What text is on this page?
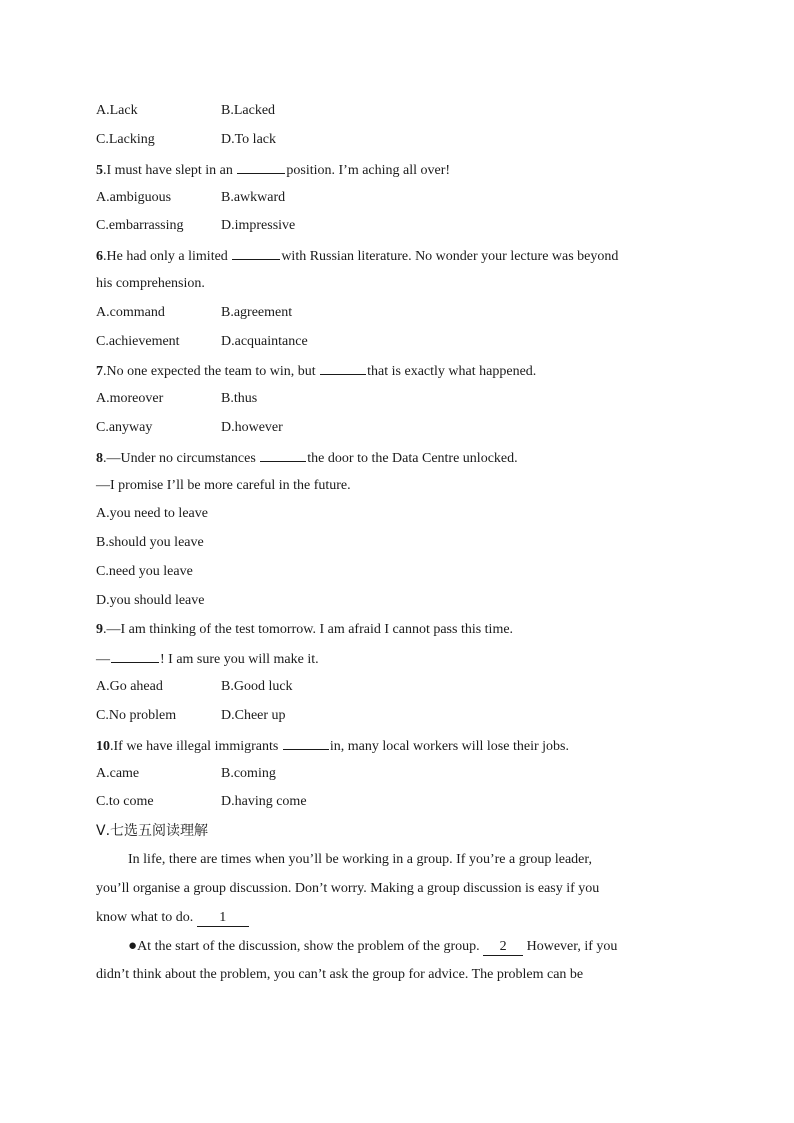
A.Lack	B.Lacked
C.Lacking	D.To lack
5.I must have slept in an	position. I’m aching all over!
A.ambiguous	B.awkward
C.embarrassing	D.impressive
6.He had only a limited	with Russian literature. No wonder your lecture was beyond
his comprehension.
A.command	B.agreement
C.achievement	D.acquaintance
7.No one expected the team to win, but	that is exactly what happened.
A.moreover	B.thus
C.anyway	D.however
8.—Under no circumstances	the door to the Data Centre unlocked.
—I promise I’ll be more careful in the future.
A.you need to leave
B.should you leave
C.need you leave
D.you should leave
9.—I am thinking of the test tomorrow. I am afraid I cannot pass this time.
—	! I am sure you will make it.
A.Go ahead	B.Good luck
C.No problem	D.Cheer up
10.If we have illegal immigrants	in, many local workers will lose their jobs.
A.came	B.coming
C.to come	D.having come
Ⅴ.七选五阅读理解
In life, there are times when you’ll be working in a group. If you’re a group leader,
you’ll organise a group discussion. Don’t worry. Making a group discussion is easy if you
know what to do. 1
●At the start of the discussion, show the problem of the group. 2 However, if you
didn’t think about the problem, you can’t ask the group for advice. The problem can be
